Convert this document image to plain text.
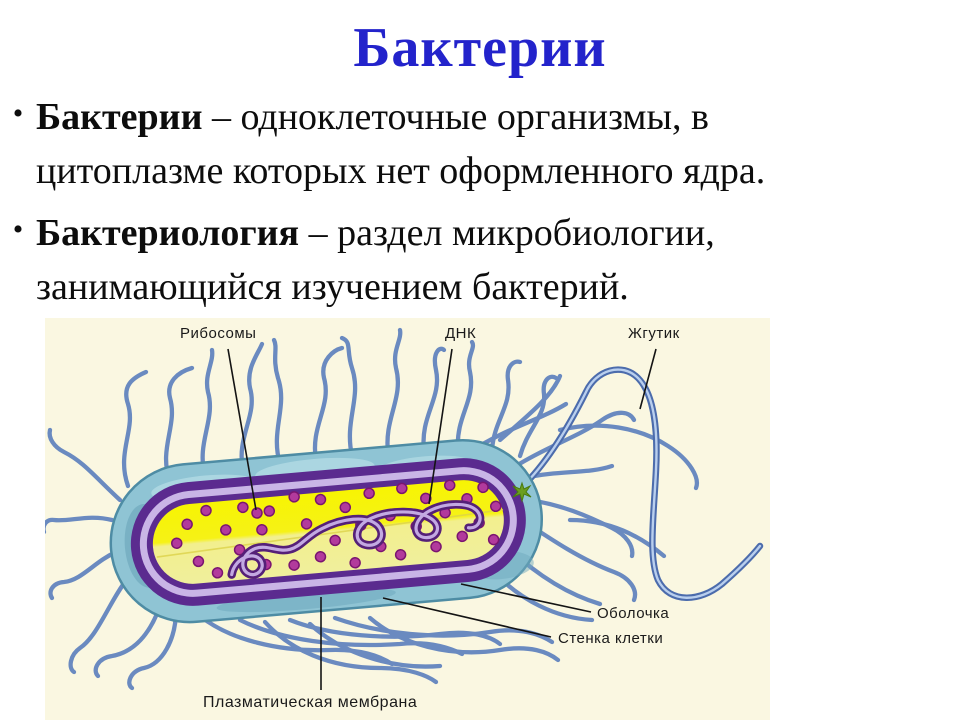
Бактерии
• Бактерии – одноклеточные организмы, в
цитоплазме которых нет оформленного ядра.
• Бактериология – раздел микробиологии,
занимающийся изучением бактерий.
Рибосомы	ДНК	Жгутик
Оболочка
Стенка клетки
Плазматическая мембрана
